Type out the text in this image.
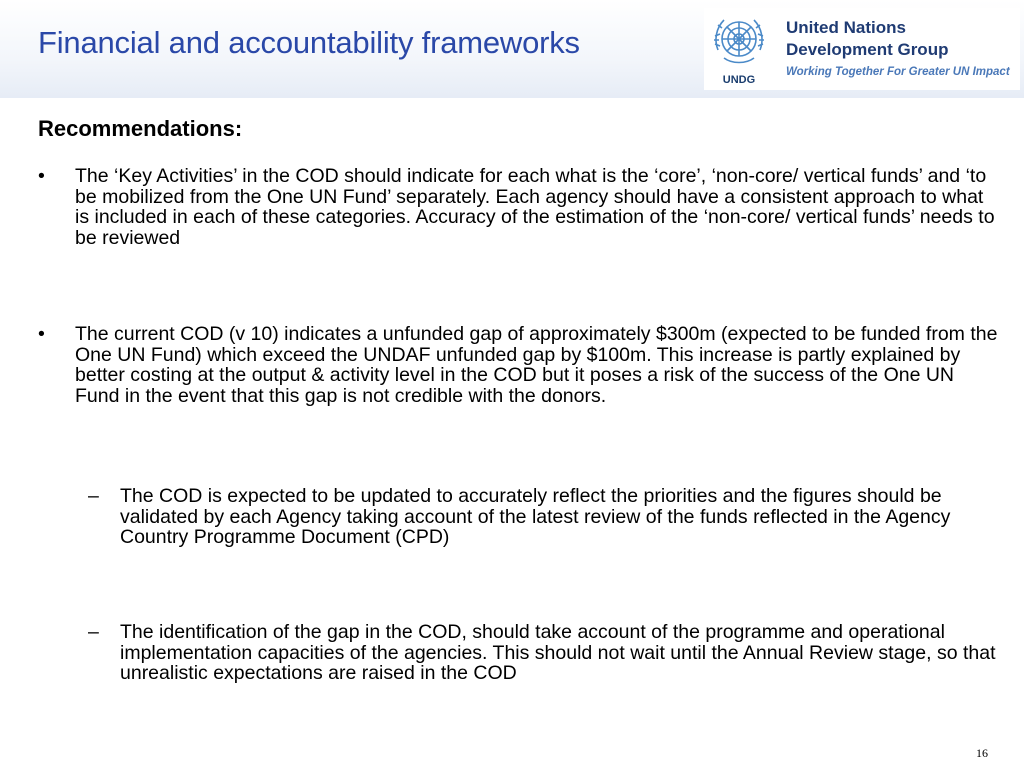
Financial and accountability frameworks
UNDG
United Nations
Development Group
Working Together For Greater UN Impact
Recommendations:
• The ‘Key Activities’ in the COD should indicate for each what is the ‘core’, ‘non-core/ vertical funds’ and ‘to be mobilized from the One UN Fund’ separately. Each agency should have a consistent approach to what is included in each of these categories. Accuracy of the estimation of the ‘non-core/ vertical funds’ needs to be reviewed
• The current COD (v 10) indicates a unfunded gap of approximately $300m (expected to be funded from the One UN Fund) which exceed the UNDAF unfunded gap by $100m. This increase is partly explained by better costing at the output & activity level in the COD but it poses a risk of the success of the One UN Fund in the event that this gap is not credible with the donors.
– The COD is expected to be updated to accurately reflect the priorities and the figures should be validated by each Agency taking account of the latest review of the funds reflected in the Agency Country Programme Document (CPD)
– The identification of the gap in the COD, should take account of the programme and operational implementation capacities of the agencies. This should not wait until the Annual Review stage, so that unrealistic expectations are raised in the COD
16
